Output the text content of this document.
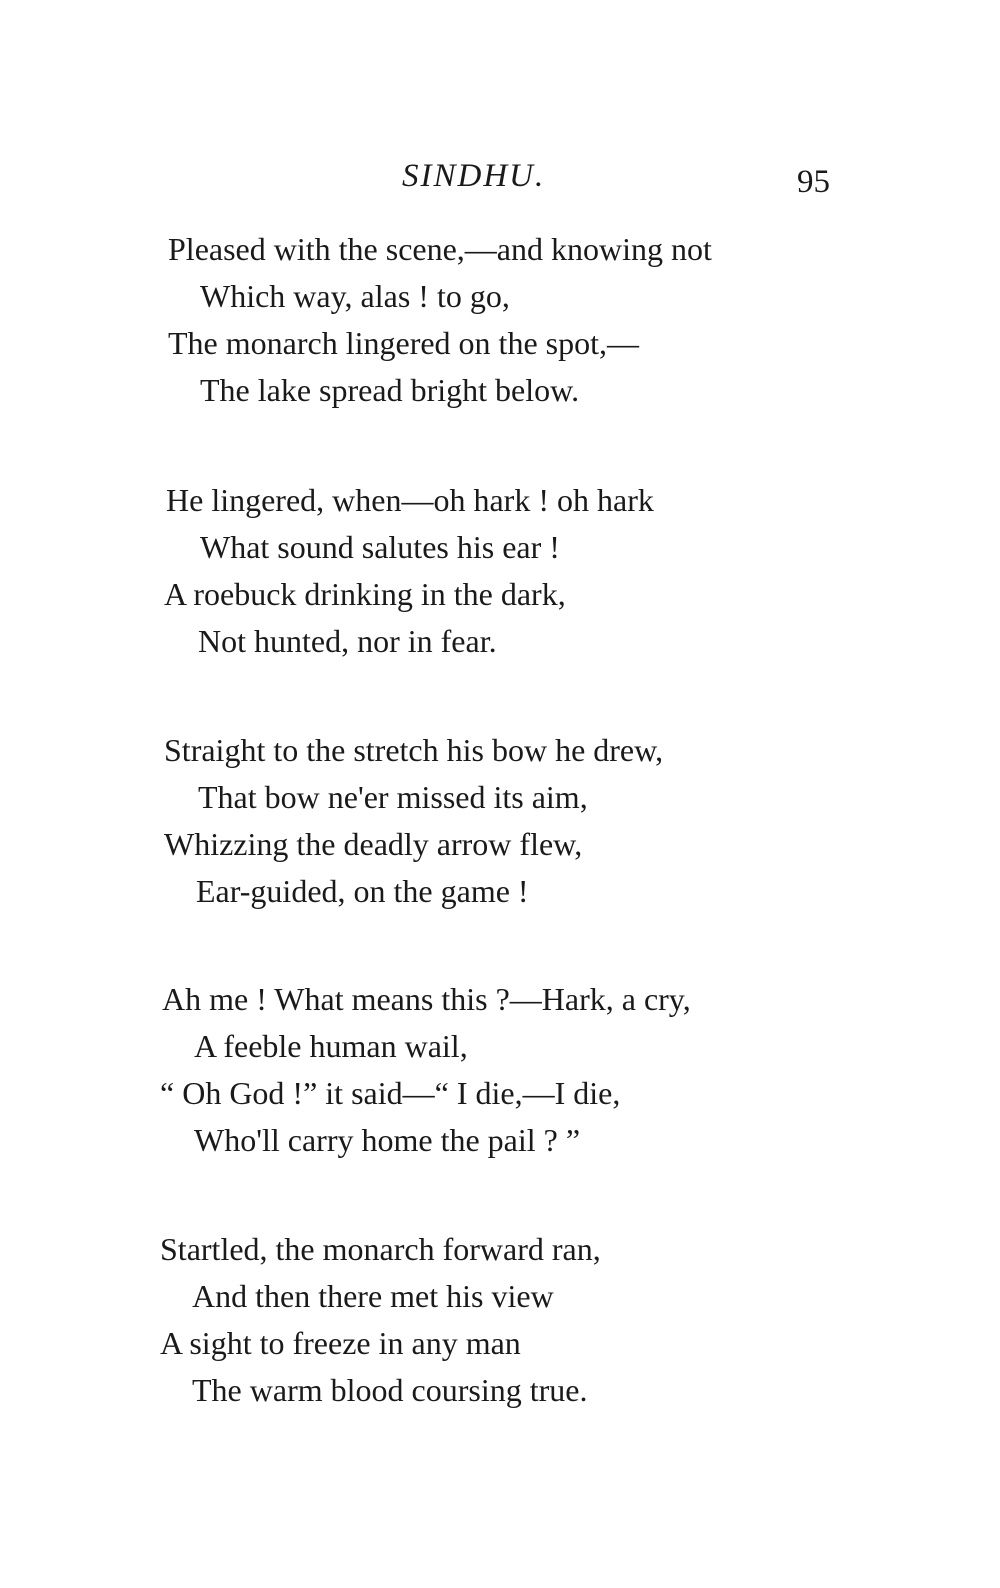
SINDHU.	95
Pleased with the scene,—and knowing not
Which way, alas ! to go,
The monarch lingered on the spot,—
The lake spread bright below.
He lingered, when—oh hark ! oh hark
What sound salutes his ear !
A roebuck drinking in the dark,
Not hunted, nor in fear.
Straight to the stretch his bow he drew,
That bow ne'er missed its aim,
Whizzing the deadly arrow flew,
Ear-guided, on the game !
Ah me ! What means this ?—Hark, a cry,
A feeble human wail,
“ Oh God !” it said—“ I die,—I die,
Who'll carry home the pail ? ”
Startled, the monarch forward ran,
And then there met his view
A sight to freeze in any man
The warm blood coursing true.
